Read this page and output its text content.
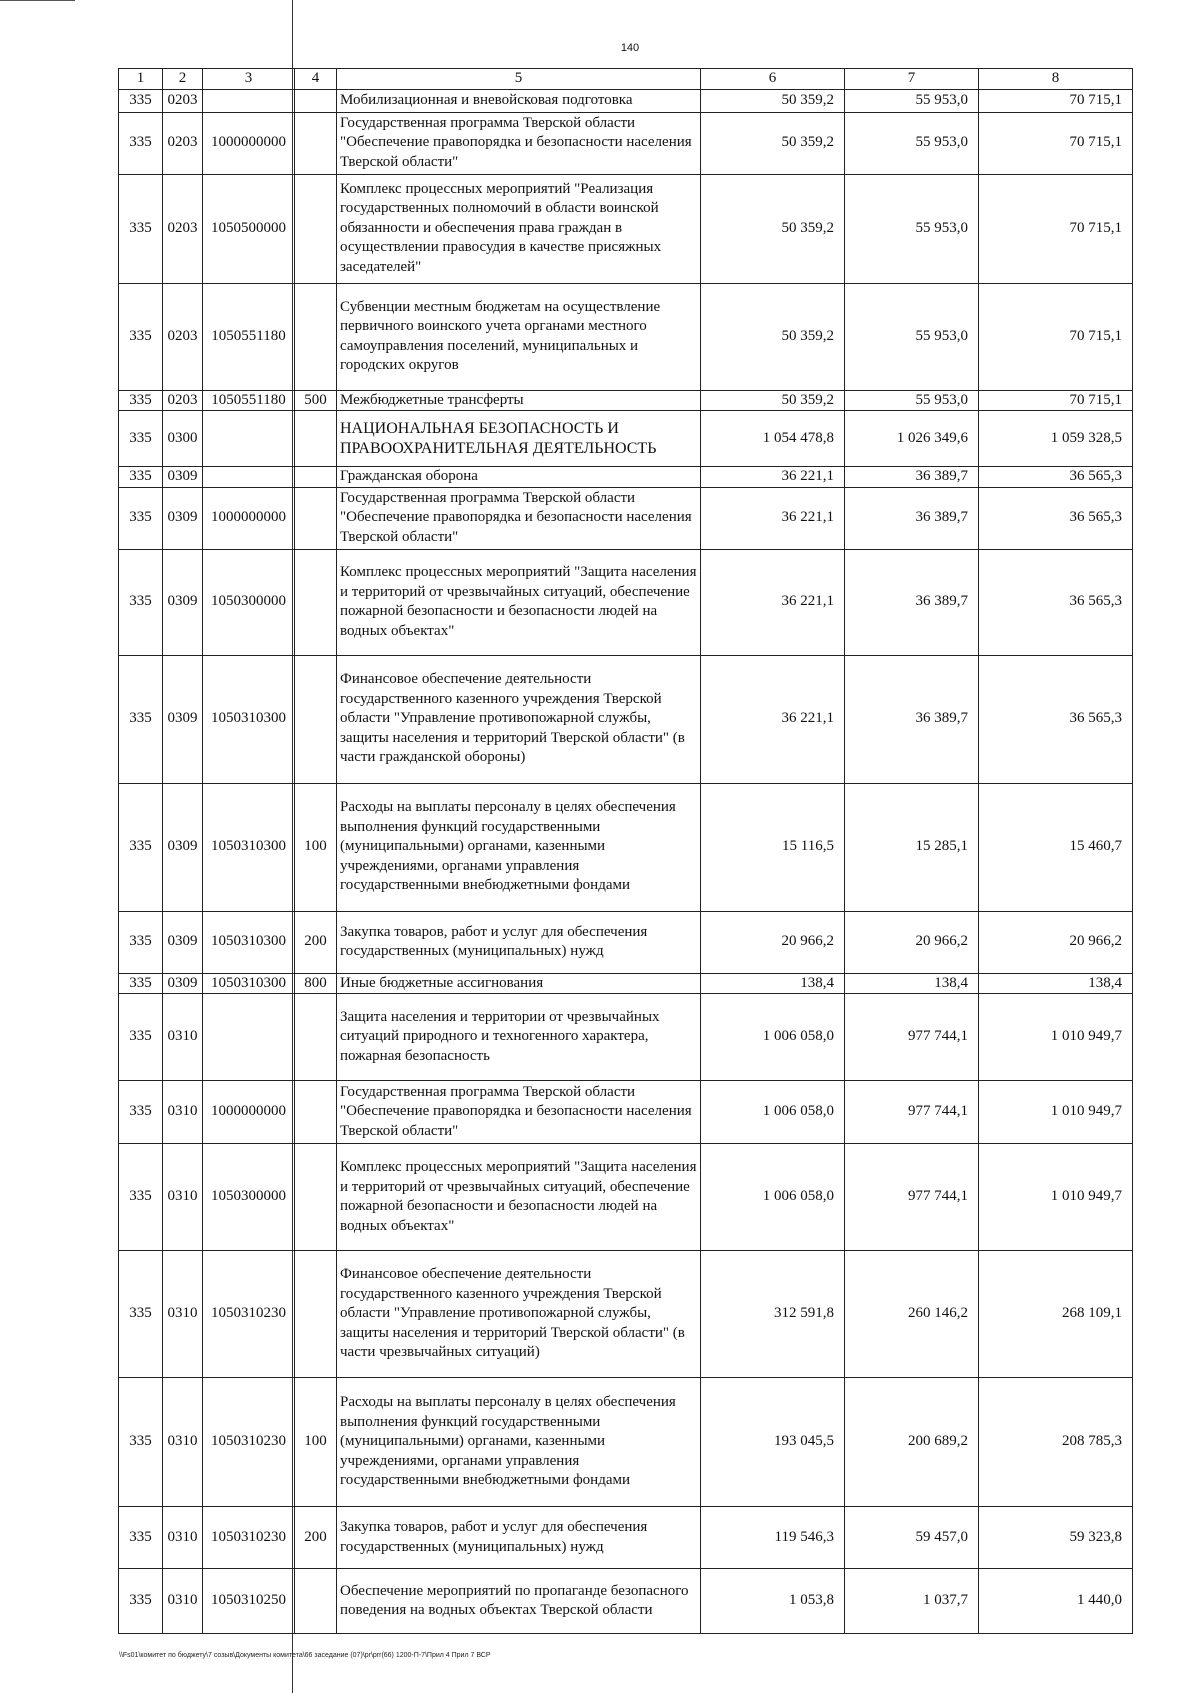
140
1	2	3	4	5	6	7	8
335	0203			Мобилизационная и вневойсковая подготовка	50 359,2	55 953,0	70 715,1
335	0203	1000000000		Государственная программа Тверской области "Обеспечение правопорядка и безопасности населения Тверской области"	50 359,2	55 953,0	70 715,1
335	0203	1050500000		Комплекс процессных мероприятий "Реализация государственных полномочий в области воинской обязанности и обеспечения права граждан в осуществлении правосудия в качестве присяжных заседателей"	50 359,2	55 953,0	70 715,1
335	0203	1050551180		Субвенции местным бюджетам на осуществление первичного воинского учета органами местного самоуправления поселений, муниципальных и городских округов	50 359,2	55 953,0	70 715,1
335	0203	1050551180	500	Межбюджетные трансферты	50 359,2	55 953,0	70 715,1
335	0300			НАЦИОНАЛЬНАЯ БЕЗОПАСНОСТЬ И ПРАВООХРАНИТЕЛЬНАЯ ДЕЯТЕЛЬНОСТЬ	1 054 478,8	1 026 349,6	1 059 328,5
335	0309			Гражданская оборона	36 221,1	36 389,7	36 565,3
335	0309	1000000000		Государственная программа Тверской области "Обеспечение правопорядка и безопасности населения Тверской области"	36 221,1	36 389,7	36 565,3
335	0309	1050300000		Комплекс процессных мероприятий "Защита населения и территорий от чрезвычайных ситуаций, обеспечение пожарной безопасности и безопасности людей на водных объектах"	36 221,1	36 389,7	36 565,3
335	0309	1050310300		Финансовое обеспечение деятельности государственного казенного учреждения Тверской области "Управление противопожарной службы, защиты населения и территорий Тверской области" (в части гражданской обороны)	36 221,1	36 389,7	36 565,3
335	0309	1050310300	100	Расходы на выплаты персоналу в целях обеспечения выполнения функций государственными (муниципальными) органами, казенными учреждениями, органами управления государственными внебюджетными фондами	15 116,5	15 285,1	15 460,7
335	0309	1050310300	200	Закупка товаров, работ и услуг для обеспечения государственных (муниципальных) нужд	20 966,2	20 966,2	20 966,2
335	0309	1050310300	800	Иные бюджетные ассигнования	138,4	138,4	138,4
335	0310			Защита населения и территории от чрезвычайных ситуаций природного и техногенного характера, пожарная безопасность	1 006 058,0	977 744,1	1 010 949,7
335	0310	1000000000		Государственная программа Тверской области "Обеспечение правопорядка и безопасности населения Тверской области"	1 006 058,0	977 744,1	1 010 949,7
335	0310	1050300000		Комплекс процессных мероприятий "Защита населения и территорий от чрезвычайных ситуаций, обеспечение пожарной безопасности и безопасности людей на водных объектах"	1 006 058,0	977 744,1	1 010 949,7
335	0310	1050310230		Финансовое обеспечение деятельности государственного казенного учреждения Тверской области "Управление противопожарной службы, защиты населения и территорий Тверской области" (в части чрезвычайных ситуаций)	312 591,8	260 146,2	268 109,1
335	0310	1050310230	100	Расходы на выплаты персоналу в целях обеспечения выполнения функций государственными (муниципальными) органами, казенными учреждениями, органами управления государственными внебюджетными фондами	193 045,5	200 689,2	208 785,3
335	0310	1050310230	200	Закупка товаров, работ и услуг для обеспечения государственных (муниципальных) нужд	119 546,3	59 457,0	59 323,8
335	0310	1050310250		Обеспечение мероприятий по пропаганде безопасного поведения на водных объектах Тверской области	1 053,8	1 037,7	1 440,0
\\Fs01\комитет по бюджету\7 созыв\Документы комитета\66 заседание (07)\pr\prr(66) 1200-П-7\Прил 4 Прил 7 ВСР
